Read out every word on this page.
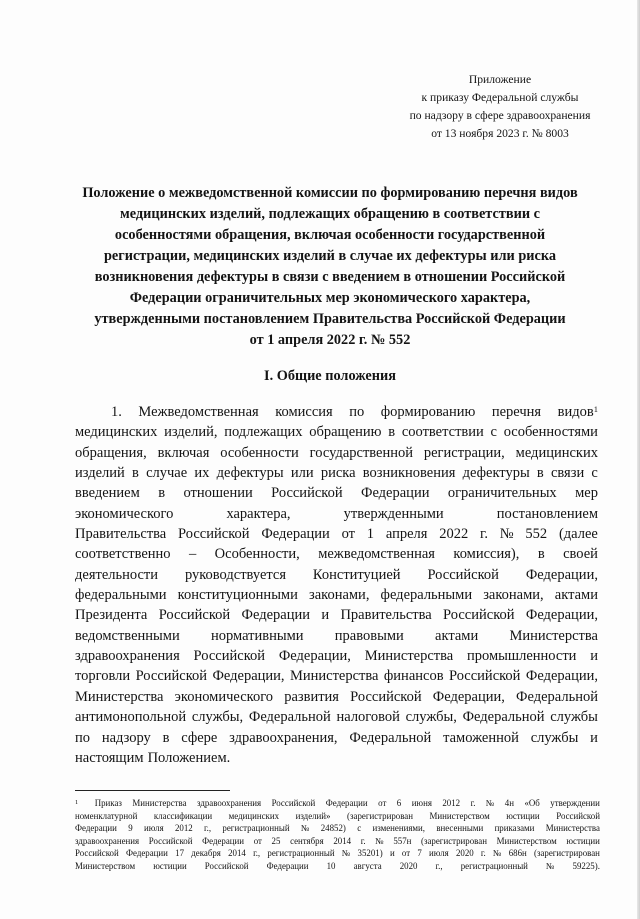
Приложение
к приказу Федеральной службы
по надзору в сфере здравоохранения
от 13 ноября 2023 г. № 8003
Положение о межведомственной комиссии по формированию перечня видов
медицинских изделий, подлежащих обращению в соответствии с
особенностями обращения, включая особенности государственной
регистрации, медицинских изделий в случае их дефектуры или риска
возникновения дефектуры в связи с введением в отношении Российской
Федерации ограничительных мер экономического характера,
утвержденными постановлением Правительства Российской Федерации
от 1 апреля 2022 г. № 552
I. Общие положения
1. Межведомственная комиссия по формированию перечня видов$^1$
медицинских изделий, подлежащих обращению в соответствии с особенностями
обращения, включая особенности государственной регистрации, медицинских
изделий в случае их дефектуры или риска возникновения дефектуры в связи с
введением в отношении Российской Федерации ограничительных мер
экономического	характера,	утвержденными	постановлением
Правительства Российской Федерации от 1 апреля 2022 г. № 552 (далее
соответственно – Особенности, межведомственная комиссия), в своей
деятельности руководствуется Конституцией Российской Федерации,
федеральными конституционными законами, федеральными законами, актами
Президента Российской Федерации и Правительства Российской Федерации,
ведомственными нормативными правовыми актами Министерства
здравоохранения Российской Федерации, Министерства промышленности и
торговли Российской Федерации, Министерства финансов Российской Федерации,
Министерства экономического развития Российской Федерации, Федеральной
антимонопольной службы, Федеральной налоговой службы, Федеральной службы
по надзору в сфере здравоохранения, Федеральной таможенной службы и
настоящим Положением.
1 Приказ Министерства здравоохранения Российской Федерации от 6 июня 2012 г. № 4н «Об утверждении
номенклатурной классификации медицинских изделий» (зарегистрирован Министерством юстиции Российской
Федерации 9 июля 2012 г., регистрационный № 24852) с изменениями, внесенными приказами Министерства
здравоохранения Российской Федерации от 25 сентября 2014 г. № 557н (зарегистрирован Министерством юстиции
Российской Федерации 17 декабря 2014 г., регистрационный № 35201) и от 7 июля 2020 г. № 686н (зарегистрирован
Министерством юстиции Российской Федерации 10 августа 2020 г., регистрационный № 59225).
